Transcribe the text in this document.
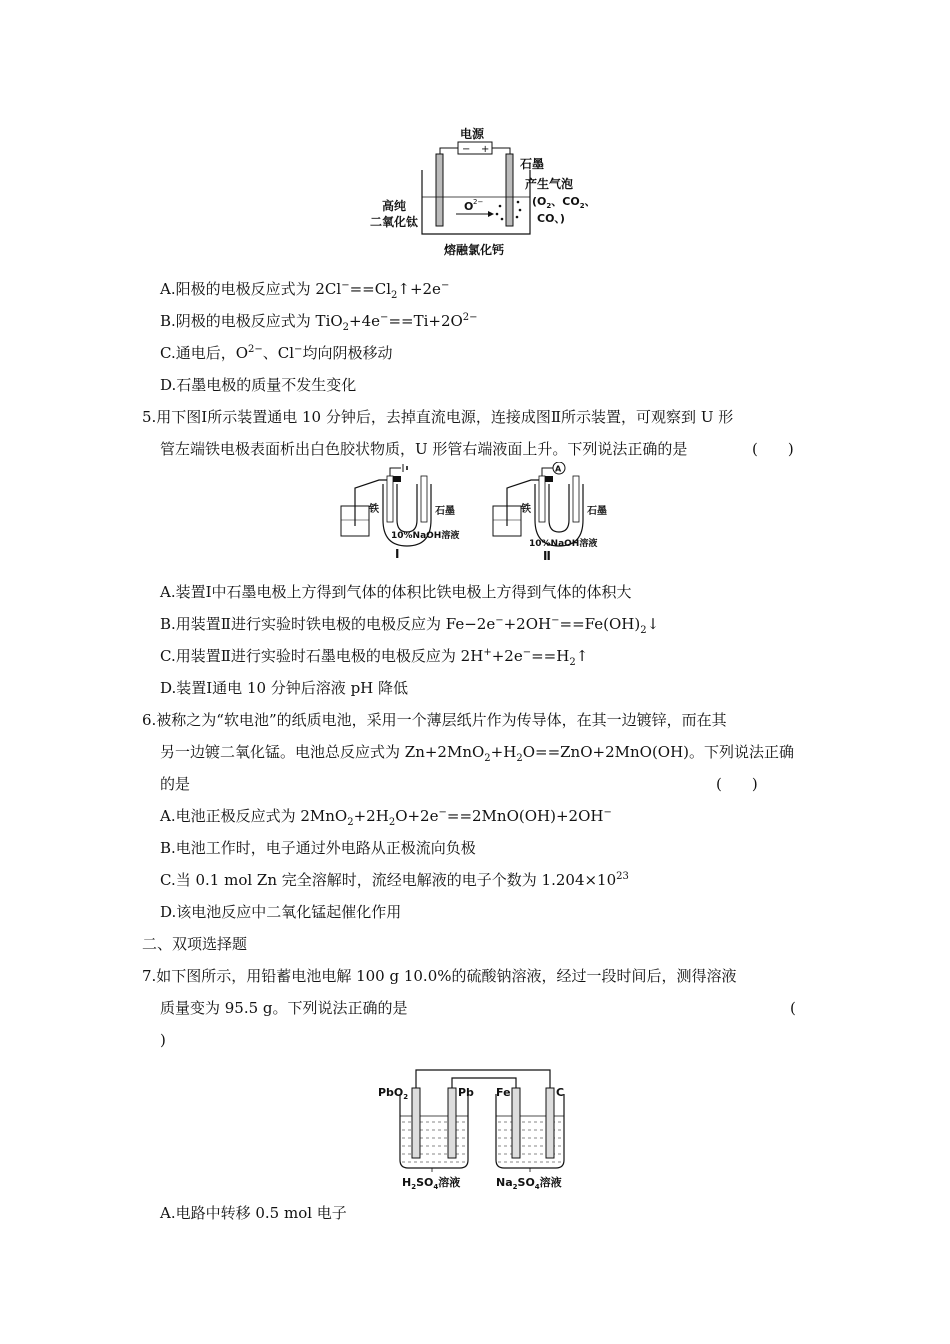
电源
− +
O 2−
石墨
产生气泡
($O_2$、$CO_2$、
CO、)
高纯
二氧化钛
熔融氯化钙
A.阳极的电极反应式为 $2Cl^-==Cl_2↑+2e^-$
B.阴极的电极反应式为 $TiO_2+4e^-==Ti+2O^{2-}$
C.通电后，$O^{2-}$、Cl−均向阴极移动
D.石墨电极的质量不发生变化
5.用下图Ⅰ所示装置通电 10 分钟后，去掉直流电源，连接成图Ⅱ所示装置，可观察到 U 形
管左端铁电极表面析出白色胶状物质，U 形管右端液面上升。下列说法正确的是	(　　)
铁	石墨
10%NaOH溶液
Ⅰ
A
铁	石墨
10%NaOH溶液
Ⅱ
A.装置Ⅰ中石墨电极上方得到气体的体积比铁电极上方得到气体的体积大
B.用装置Ⅱ进行实验时铁电极的电极反应为 $Fe-2e^-+2OH^-==Fe(OH)_2↓$
C.用装置Ⅱ进行实验时石墨电极的电极反应为 $2H^++2e^-==H_2↑$
D.装置Ⅰ通电 10 分钟后溶液 pH 降低
6.被称之为“软电池”的纸质电池，采用一个薄层纸片作为传导体，在其一边镀锌，而在其
另一边镀二氧化锰。电池总反应式为 $Zn+2MnO_2+H_2O==ZnO+2MnO(OH)$。下列说法正确
的是	(　　)
A.电池正极反应式为 $2MnO_2+2H_2O+2e^-==2MnO(OH)+2OH^-$
B.电池工作时，电子通过外电路从正极流向负极
C.当 0.1 mol Zn 完全溶解时，流经电解液的电子个数为 $1.204\times 10^{23}$
D.该电池反应中二氧化锰起催化作用
二、双项选择题
7.如下图所示，用铅蓄电池电解 100 g 10.0%的硫酸钠溶液，经过一段时间后，测得溶液
质量变为 95.5 g。下列说法正确的是	(
)
PbO$_2$	Pb Fe	C
$H_2SO_4$溶液	$Na_2SO_4$溶液
A.电路中转移 0.5 mol 电子
